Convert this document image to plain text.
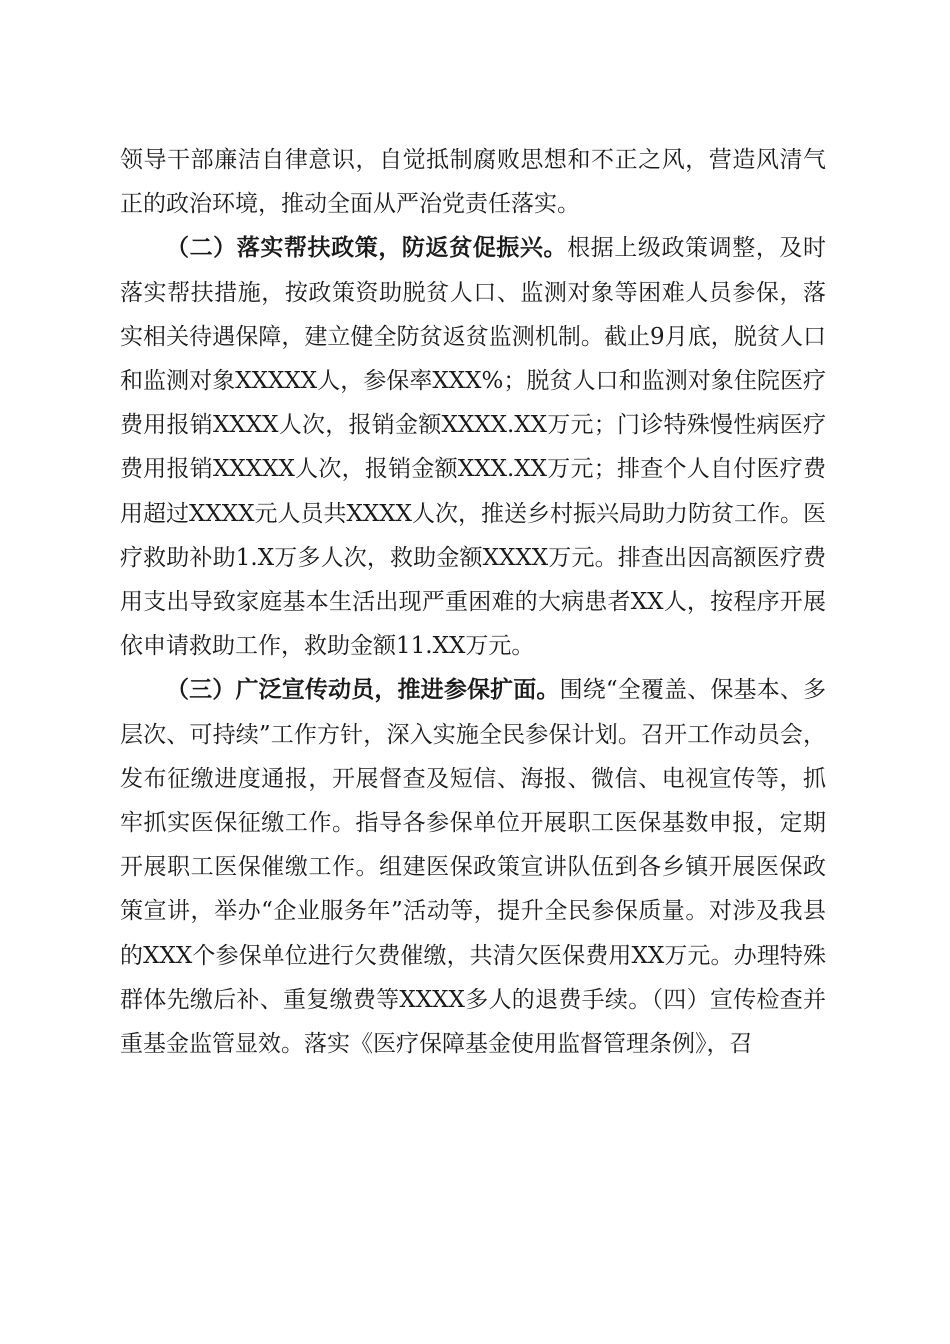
领导干部廉洁自律意识，自觉抵制腐败思想和不正之风，营造风清气正的政治环境，推动全面从严治党责任落实。

（二）落实帮扶政策，防返贫促振兴。根据上级政策调整，及时落实帮扶措施，按政策资助脱贫人口、监测对象等困难人员参保，落实相关待遇保障，建立健全防贫返贫监测机制。截止9月底，脱贫人口和监测对象XXXXX人，参保率XXX%；脱贫人口和监测对象住院医疗费用报销XXXX人次，报销金额XXXX.XX万元；门诊特殊慢性病医疗费用报销XXXXX人次，报销金额XXX.XX万元；排查个人自付医疗费用超过XXXX元人员共XXXX人次，推送乡村振兴局助力防贫工作。医疗救助补助1.X万多人次，救助金额XXXX万元。排查出因高额医疗费用支出导致家庭基本生活出现严重困难的大病患者XX人，按程序开展依申请救助工作，救助金额11.XX万元。

（三）广泛宣传动员，推进参保扩面。围绕“全覆盖、保基本、多层次、可持续”工作方针，深入实施全民参保计划。召开工作动员会，发布征缴进度通报，开展督查及短信、海报、微信、电视宣传等，抓牢抓实医保征缴工作。指导各参保单位开展职工医保基数申报，定期开展职工医保催缴工作。组建医保政策宣讲队伍到各乡镇开展医保政策宣讲，举办“企业服务年”活动等，提升全民参保质量。对涉及我县的XXX个参保单位进行欠费催缴，共清欠医保费用XX万元。办理特殊群体先缴后补、重复缴费等XXXX多人的退费手续。（四）宣传检查并重基金监管显效。落实《医疗保障基金使用监督管理条例》，召
